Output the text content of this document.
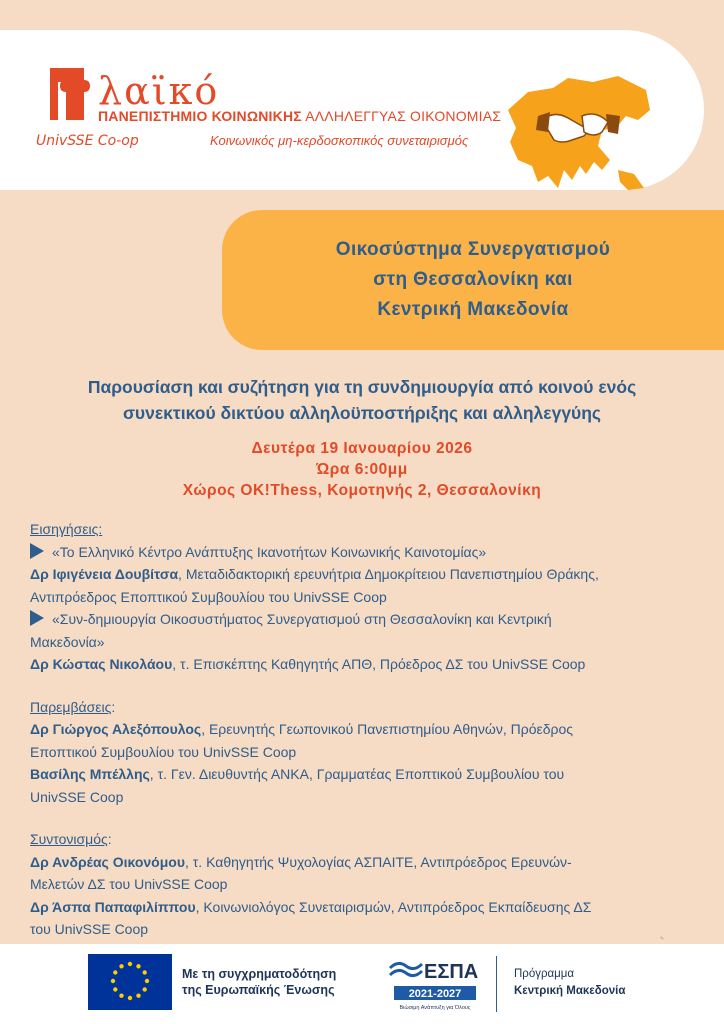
λαϊκό
ΠΑΝΕΠΙΣΤΗΜΙΟ ΚΟΙΝΩΝΙΚΗΣ ΑΛΛΗΛΕΓΓΥΑΣ ΟΙΚΟΝΟΜΙΑΣ
UnivSSE Co-op	Κοινωνικός μη-κερδοσκοπικός συνεταιρισμός
Οικοσύστημα Συνεργατισμού
στη Θεσσαλονίκη και
Κεντρική Μακεδονία
Παρουσίαση και συζήτηση για τη συνδημιουργία από κοινού ενός
συνεκτικού δικτύου αλληλοϋποστήριξης και αλληλεγγύης
Δευτέρα 19 Ιανουαρίου 2026
Ώρα 6:00μμ
Χώρος ΟΚ!Thess, Κομοτηνής 2, Θεσσαλονίκη
Εισηγήσεις:
«Το Ελληνικό Κέντρο Ανάπτυξης Ικανοτήτων Κοινωνικής Καινοτομίας»
Δρ Ιφιγένεια Δουβίτσα, Μεταδιδακτορική ερευνήτρια Δημοκρίτειου Πανεπιστημίου Θράκης,
Αντιπρόεδρος Εποπτικού Συμβουλίου του UnivSSE Coop
«Συν-δημιουργία Οικοσυστήματος Συνεργατισμού στη Θεσσαλονίκη και Κεντρική
Μακεδονία»
Δρ Κώστας Νικολάου, τ. Επισκέπτης Καθηγητής ΑΠΘ, Πρόεδρος ΔΣ του UnivSSE Coop
Παρεμβάσεις:
Δρ Γιώργος Αλεξόπουλος, Ερευνητής Γεωπονικού Πανεπιστημίου Αθηνών, Πρόεδρος
Εποπτικού Συμβουλίου του UnivSSE Coop
Βασίλης Μπέλλης, τ. Γεν. Διευθυντής ΑΝΚΑ, Γραμματέας Εποπτικού Συμβουλίου του
UnivSSE Coop
Συντονισμός:
Δρ Ανδρέας Οικονόμου, τ. Καθηγητής Ψυχολογίας ΑΣΠΑΙΤΕ, Αντιπρόεδρος Ερευνών-
Μελετών ΔΣ του UnivSSE Coop
Δρ Άσπα Παπαφιλίππου, Κοινωνιολόγος Συνεταιρισμών, Αντιπρόεδρος Εκπαίδευσης ΔΣ
του UnivSSE Coop
✎
Με τη συγχρηματοδότηση
της Ευρωπαϊκής Ένωσης
ΕΣΠΑ
2021-2027
Βιώσιμη Ανάπτυξη για Όλους
Πρόγραμμα
Κεντρική Μακεδονία
